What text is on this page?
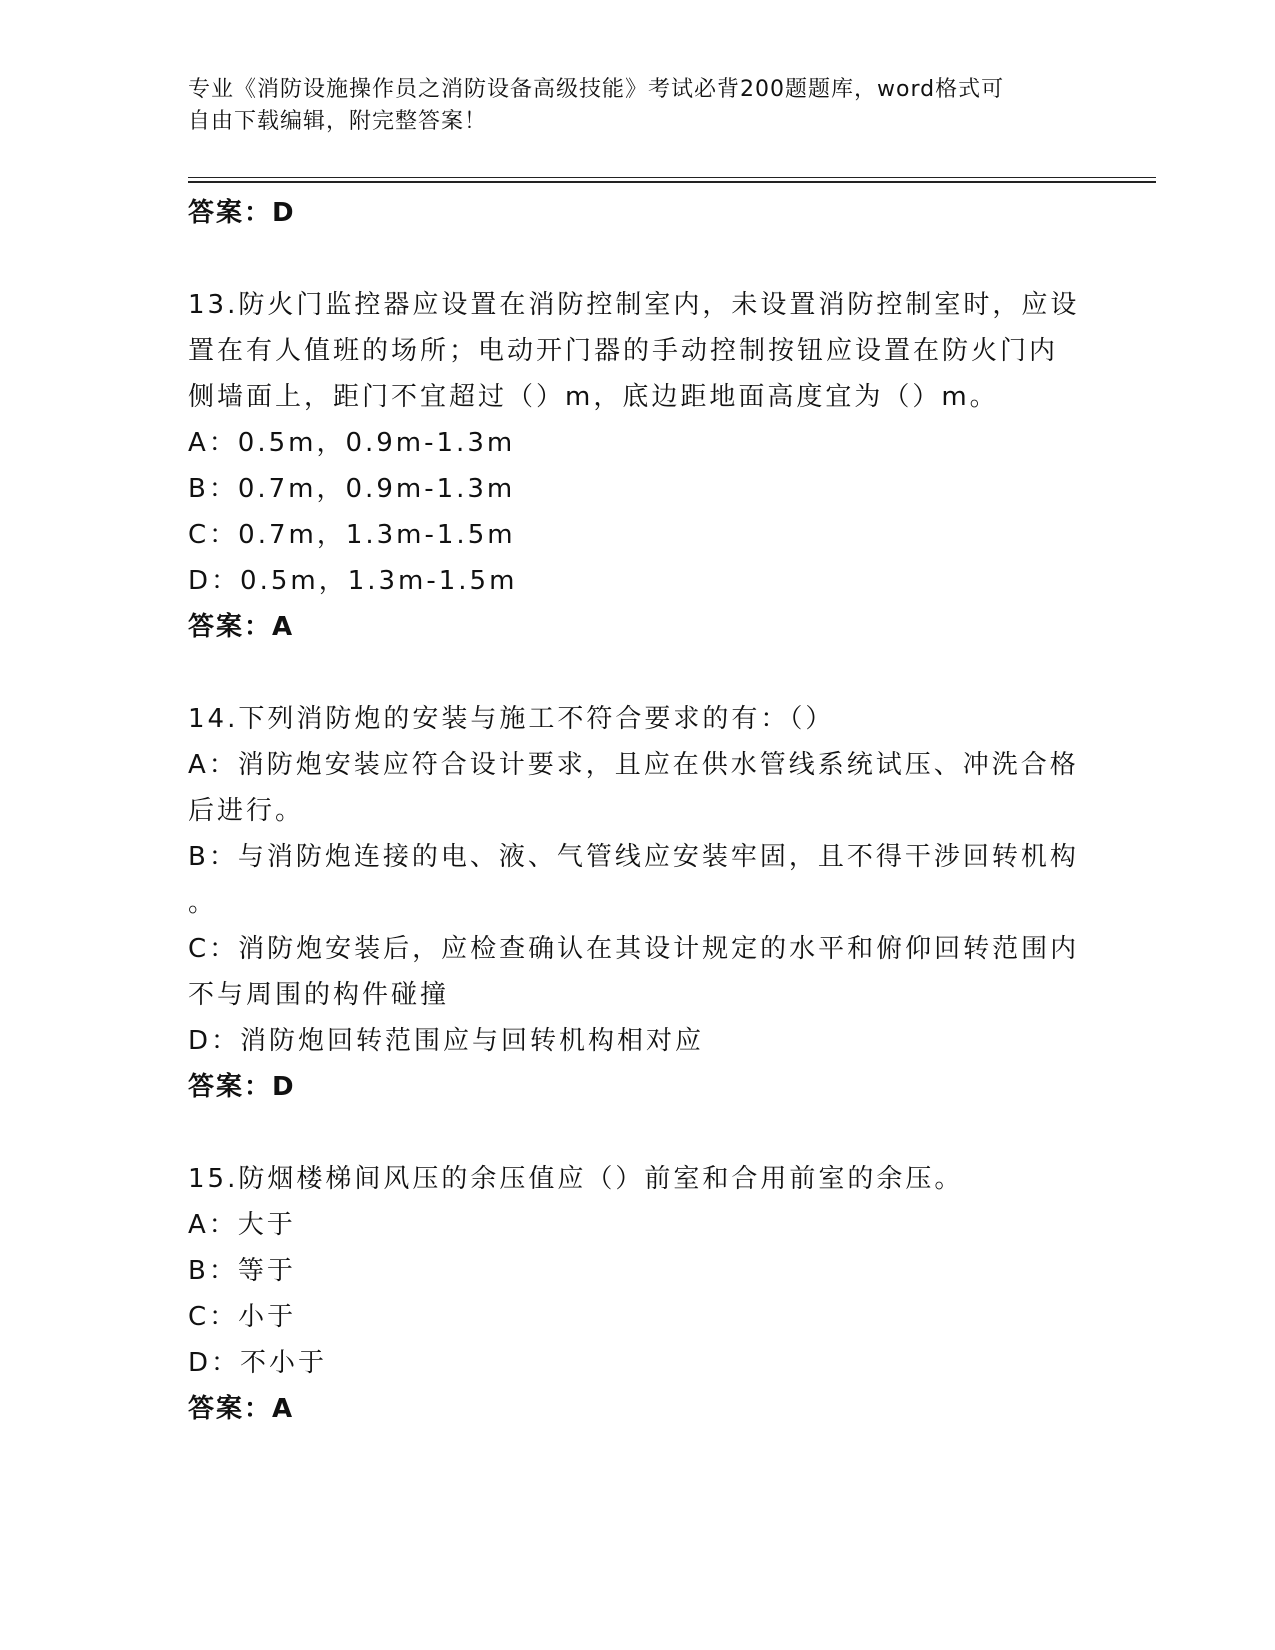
专业《消防设施操作员之消防设备高级技能》考试必背200题题库，word格式可
自由下载编辑，附完整答案！
答案：D
13.防火门监控器应设置在消防控制室内，未设置消防控制室时，应设
置在有人值班的场所；电动开门器的手动控制按钮应设置在防火门内
侧墙面上，距门不宜超过（）m，底边距地面高度宜为（）m。
A：0.5m，0.9m-1.3m
B：0.7m，0.9m-1.3m
C：0.7m，1.3m-1.5m
D：0.5m，1.3m-1.5m
答案：A
14.下列消防炮的安装与施工不符合要求的有：（）
A：消防炮安装应符合设计要求，且应在供水管线系统试压、冲洗合格
后进行。
B：与消防炮连接的电、液、气管线应安装牢固，且不得干涉回转机构
。
C：消防炮安装后，应检查确认在其设计规定的水平和俯仰回转范围内
不与周围的构件碰撞
D：消防炮回转范围应与回转机构相对应
答案：D
15.防烟楼梯间风压的余压值应（）前室和合用前室的余压。
A：大于
B：等于
C：小于
D：不小于
答案：A
